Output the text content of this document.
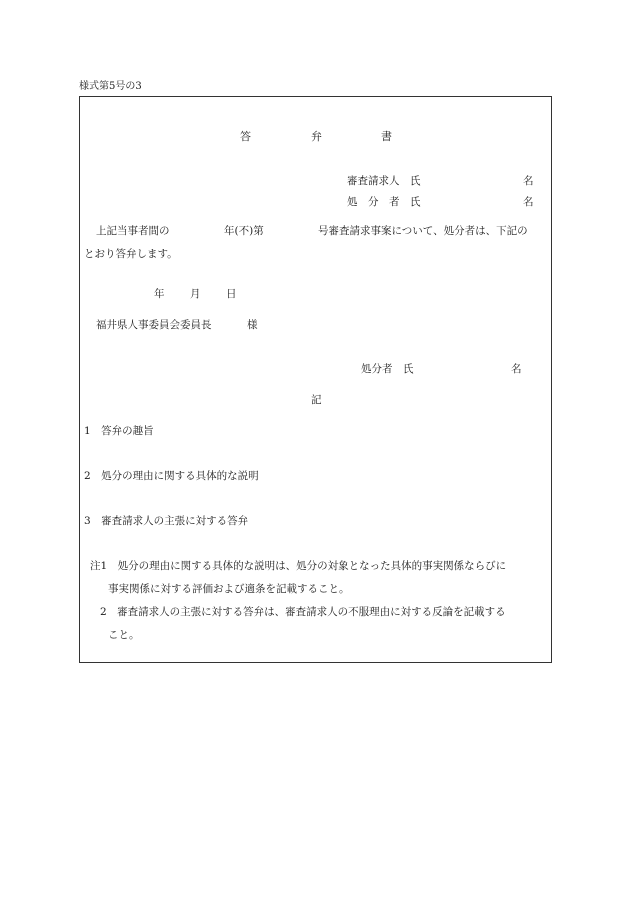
様式第5号の3
答	弁	書
審査請求人　氏	名
処　分　者　氏	名
上記当事者間の	年(不)第	号審査請求事案について、処分者は、下記の
とおり答弁します。
年 月 日
福井県人事委員会委員長	様
処分者　氏	名
記
1　答弁の趣旨
2　処分の理由に関する具体的な説明
3　審査請求人の主張に対する答弁
注1　処分の理由に関する具体的な説明は、処分の対象となった具体的事実関係ならびに
事実関係に対する評価および適条を記載すること。
2　審査請求人の主張に対する答弁は、審査請求人の不服理由に対する反論を記載する
こと。
